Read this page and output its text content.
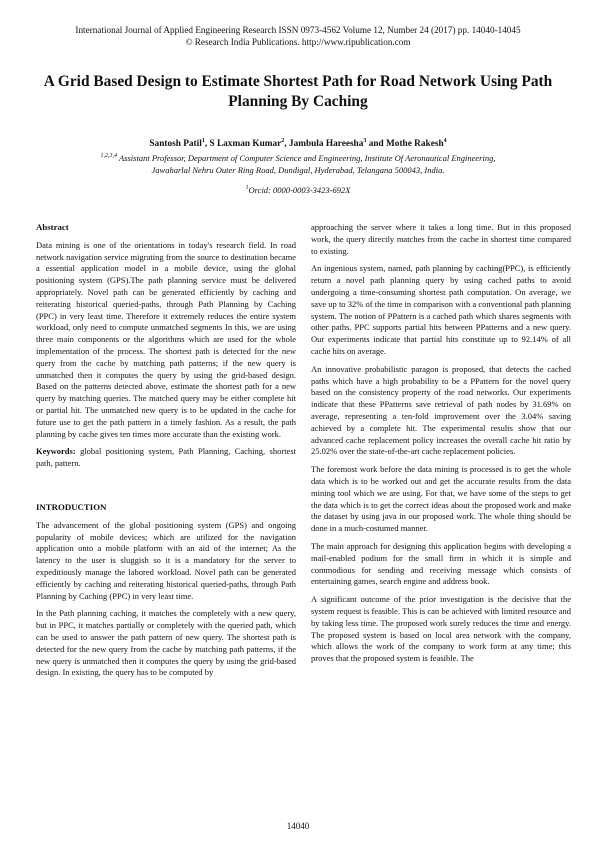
International Journal of Applied Engineering Research ISSN 0973-4562 Volume 12, Number 24 (2017) pp. 14040-14045
© Research India Publications. http://www.ripublication.com
A Grid Based Design to Estimate Shortest Path for Road Network Using Path Planning By Caching
Santosh Patil$^1$, S Laxman Kumar$^2$, Jambula Hareesha$^3$ and Mothe Rakesh$^4$
$^{1,2,3,4}$ Assistant Professor, Department of Computer Science and Engineering, Institute Of Aeronautical Engineering,
Jawaharlal Nehru Outer Ring Road, Dundigal, Hyderabad, Telangana 500043, India.
$^1$Orcid: 0000-0003-3423-692X
Abstract

Data mining is one of the orientations in today's research field. In road network navigation service migrating from the source to destination became a essential application model in a mobile device, using the global positioning system (GPS).The path planning service must be delivered appropriately. Novel path can be generated efficiently by caching and reiterating historical queried-paths, through Path Planning by Caching (PPC) in very least time. Therefore it extremely reduces the entire system workload, only need to compute unmatched segments In this, we are using three main components or the algorithms which are used for the whole implementation of the process. The shortest path is detected for the new query from the cache by matching path patterns; if the new query is unmatched then it computes the query by using the grid-based design. Based on the patterns detected above, estimate the shortest path for a new query by matching queries. The matched query may be either complete hit or partial hit. The unmatched new query is to be updated in the cache for future use to get the path pattern in a timely fashion. As a result, the path planning by cache gives ten times more accurate than the existing work.

Keywords: global positioning system, Path Planning, Caching, shortest path, pattern.

INTRODUCTION

The advancement of the global positioning system (GPS) and ongoing popularity of mobile devices; which are utilized for the navigation application onto a mobile platform with an aid of the internet; As the latency to the user is sluggish so it is a mandatory for the server to expeditiously manage the labored workload. Novel path can be generated efficiently by caching and reiterating historical queried-paths, through Path Planning by Caching (PPC) in very least time.

In the Path planning caching, it matches the completely with a new query, but in PPC, it matches partially or completely with the queried path, which can be used to answer the path pattern of new query. The shortest path is detected for the new query from the cache by matching path patterns, if the new query is unmatched then it computes the query by using the grid-based design. In existing, the query has to be computed by

approaching the server where it takes a long time. But in this proposed work, the query directly matches from the cache in shortest time compared to existing.

An ingenious system, named, path planning by caching(PPC), is efficiently return a novel path planning query by using cached paths to avoid undergoing a time-consuming shortest path computation. On average, we save up to 32% of the time in comparison with a conventional path planning system. The notion of PPattern is a cached path which shares segments with other paths. PPC supports partial hits between PPatterns and a new query. Our experiments indicate that partial hits constitute up to 92.14% of all cache hits on average.

An innovative probabilistic paragon is proposed, that detects the cached paths which have a high probability to be a PPattern for the novel query based on the consistency property of the road networks. Our experiments indicate that these PPatterns save retrieval of path nodes by 31.69% on average, representing a ten-fold improvement over the 3.04% saving achieved by a complete hit. The experimental results show that our advanced cache replacement policy increases the overall cache hit ratio by 25.02% over the state-of-the-art cache replacement policies.

The foremost work before the data mining is processed is to get the whole data which is to be worked out and get the accurate results from the data mining tool which we are using. For that, we have some of the steps to get the data which is to get the correct ideas about the proposed work and make the dataset by using java in our proposed work. The whole thing should be done in a much-costumed manner.

The main approach for designing this application begins with developing a mail-enabled podium for the small firm in which it is simple and commodious for sending and receiving message which consists of entertaining games, search engine and address book.

A significant outcome of the prior investigation is the decisive that the system request is feasible. This is can be achieved with limited resource and by taking less time. The proposed work surely reduces the time and energy. The proposed system is based on local area network with the company, which allows the work of the company to work form at any time; this proves that the proposed system is feasible. The

14040
